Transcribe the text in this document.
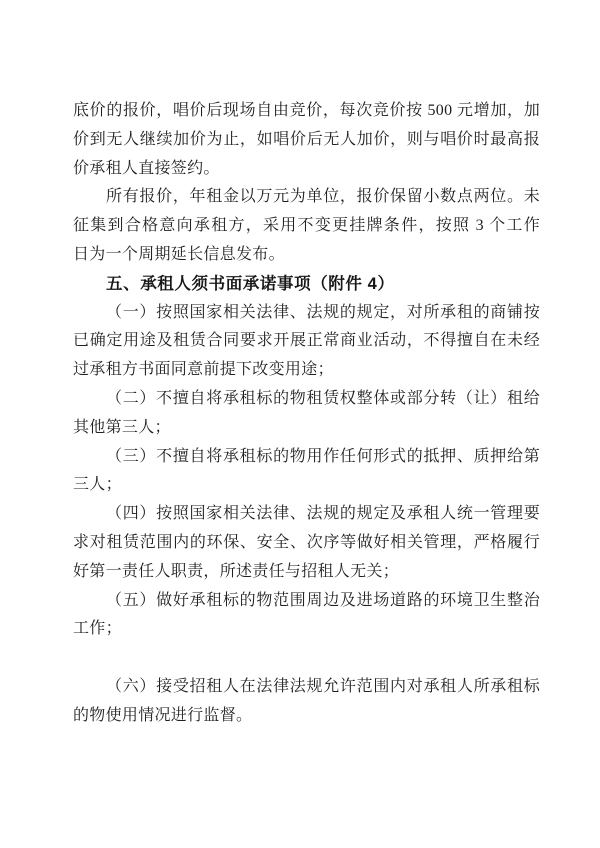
底价的报价，唱价后现场自由竞价，每次竞价按 500 元增加，加
价到无人继续加价为止，如唱价后无人加价，则与唱价时最高报
价承租人直接签约。
所有报价，年租金以万元为单位，报价保留小数点两位。未
征集到合格意向承租方，采用不变更挂牌条件，按照 3 个工作
日为一个周期延长信息发布。
五、承租人须书面承诺事项（附件 4）
（一）按照国家相关法律、法规的规定，对所承租的商铺按
已确定用途及租赁合同要求开展正常商业活动，不得擅自在未经
过承租方书面同意前提下改变用途；
（二）不擅自将承租标的物租赁权整体或部分转（让）租给
其他第三人；
（三）不擅自将承租标的物用作任何形式的抵押、质押给第
三人；
（四）按照国家相关法律、法规的规定及承租人统一管理要
求对租赁范围内的环保、安全、次序等做好相关管理，严格履行
好第一责任人职责，所述责任与招租人无关；
（五）做好承租标的物范围周边及进场道路的环境卫生整治
工作；
（六）接受招租人在法律法规允许范围内对承租人所承租标
的物使用情况进行监督。
